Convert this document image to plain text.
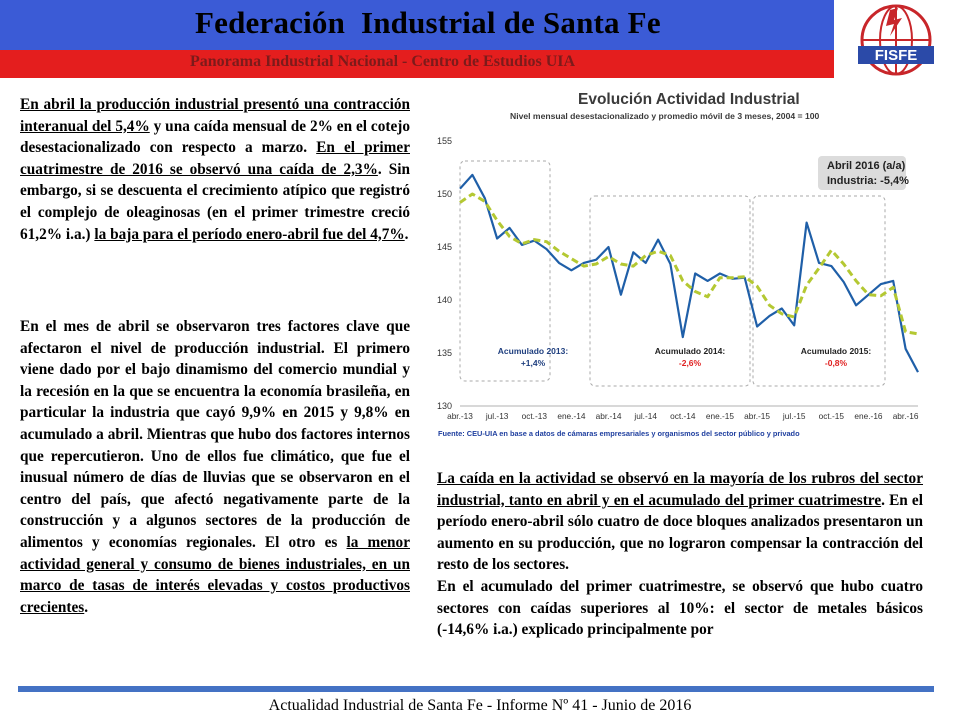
Federación  Industrial de Santa Fe
Panorama Industrial Nacional - Centro de Estudios UIA	FISFE

En abril la producción industrial presentó una contracción interanual del 5,4% y una caída mensual de 2% en el cotejo desestacionalizado con respecto a marzo. En el primer cuatrimestre de 2016 se observó una caída de 2,3%. Sin embargo, si se descuenta el crecimiento atípico que registró el complejo de oleaginosas (en el primer trimestre creció 61,2% i.a.) la baja para el período enero-abril fue del 4,7%.

En el mes de abril se observaron tres factores clave que afectaron el nivel de producción industrial. El primero viene dado por el bajo dinamismo del comercio mundial y la recesión en la que se encuentra la economía brasileña, en particular la industria que cayó 9,9% en 2015 y 9,8% en acumulado a abril. Mientras que hubo dos factores internos que repercutieron. Uno de ellos fue climático, que fue el inusual número de días de lluvias que se observaron en el centro del país, que afectó negativamente parte de la construcción y a algunos sectores de la producción de alimentos y economías regionales. El otro es la menor actividad general y consumo de bienes industriales, en un marco de tasas de interés elevadas y costos productivos crecientes.

Evolución Actividad Industrial
Nivel mensual desestacionalizado y promedio móvil de 3 meses, 2004 = 100
155
150
145
140
135
130
abr.-13 jul.-13 oct.-13 ene.-14 abr.-14 jul.-14 oct.-14 ene.-15 abr.-15 jul.-15 oct.-15 ene.-16 abr.-16
Abril 2016 (a/a)
Industria: -5,4%
Acumulado 2013:
+1,4%
Acumulado 2014:
-2,6%
Acumulado 2015:
-0,8%
Fuente: CEU-UIA en base a datos de cámaras empresariales y organismos del sector público y privado

La caída en la actividad se observó en la mayoría de los rubros del sector industrial, tanto en abril y en el acumulado del primer cuatrimestre. En el período enero-abril sólo cuatro de doce bloques analizados presentaron un aumento en su producción, que no lograron compensar la contracción del resto de los sectores.

En el acumulado del primer cuatrimestre, se observó que hubo cuatro sectores con caídas superiores al 10%: el sector de metales básicos (-14,6% i.a.) explicado principalmente por

Actualidad Industrial de Santa Fe - Informe Nº 41 - Junio de 2016
